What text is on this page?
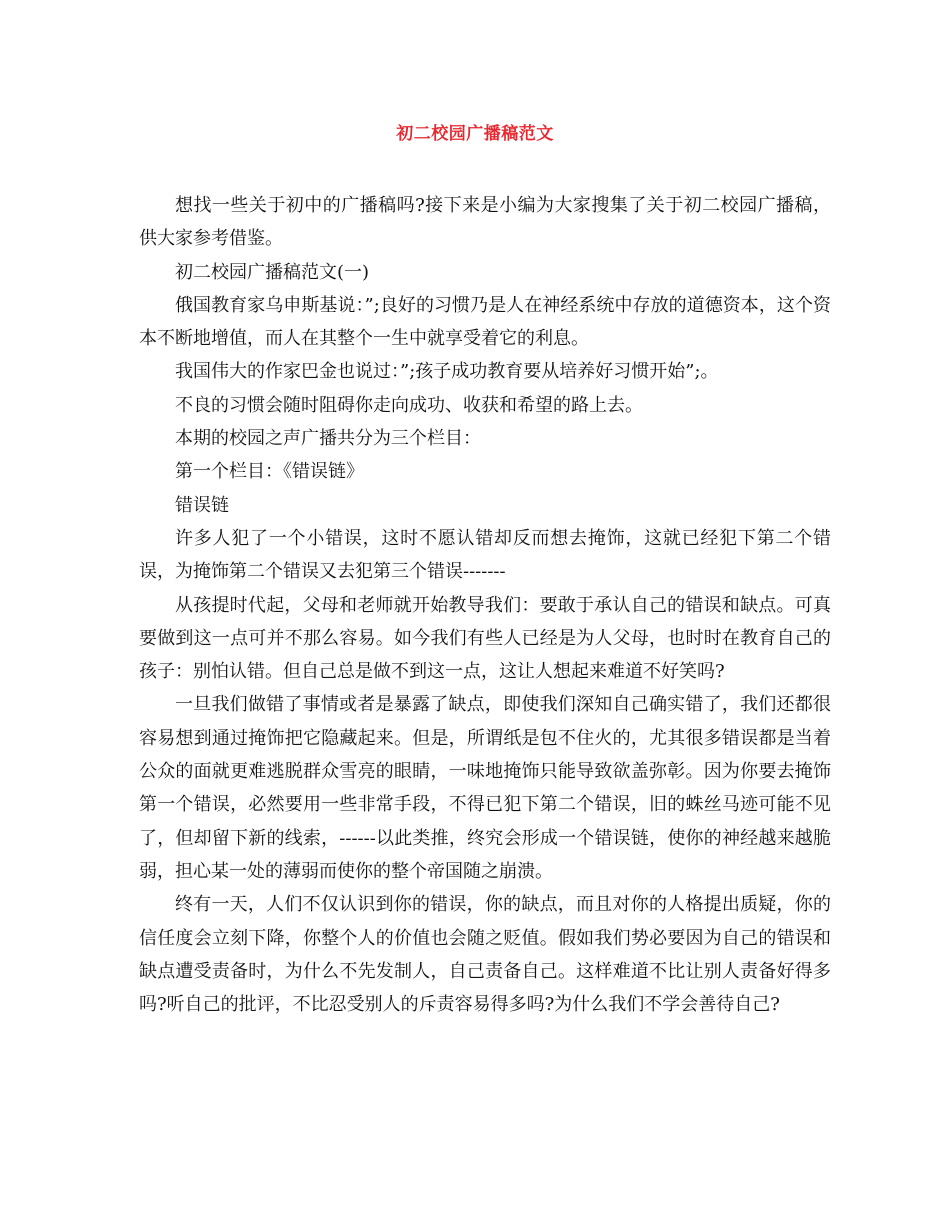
初二校园广播稿范文

想找一些关于初中的广播稿吗?接下来是小编为大家搜集了关于初二校园广播稿，供大家参考借鉴。

初二校园广播稿范文(一)

俄国教育家乌申斯基说：”;良好的习惯乃是人在神经系统中存放的道德资本，这个资本不断地增值，而人在其整个一生中就享受着它的利息。

我国伟大的作家巴金也说过：”;孩子成功教育要从培养好习惯开始”;。

不良的习惯会随时阻碍你走向成功、收获和希望的路上去。

本期的校园之声广播共分为三个栏目：

第一个栏目：《错误链》

错误链

许多人犯了一个小错误，这时不愿认错却反而想去掩饰，这就已经犯下第二个错误，为掩饰第二个错误又去犯第三个错误-------

从孩提时代起，父母和老师就开始教导我们：要敢于承认自己的错误和缺点。可真要做到这一点可并不那么容易。如今我们有些人已经是为人父母，也时时在教育自己的孩子：别怕认错。但自己总是做不到这一点，这让人想起来难道不好笑吗?

一旦我们做错了事情或者是暴露了缺点，即使我们深知自己确实错了，我们还都很容易想到通过掩饰把它隐藏起来。但是，所谓纸是包不住火的，尤其很多错误都是当着公众的面就更难逃脱群众雪亮的眼睛，一味地掩饰只能导致欲盖弥彰。因为你要去掩饰第一个错误，必然要用一些非常手段，不得已犯下第二个错误，旧的蛛丝马迹可能不见了，但却留下新的线索，------以此类推，终究会形成一个错误链，使你的神经越来越脆弱，担心某一处的薄弱而使你的整个帝国随之崩溃。

终有一天，人们不仅认识到你的错误，你的缺点，而且对你的人格提出质疑，你的信任度会立刻下降，你整个人的价值也会随之贬值。假如我们势必要因为自己的错误和缺点遭受责备时，为什么不先发制人，自己责备自己。这样难道不比让别人责备好得多吗?听自己的批评，不比忍受别人的斥责容易得多吗?为什么我们不学会善待自己?
